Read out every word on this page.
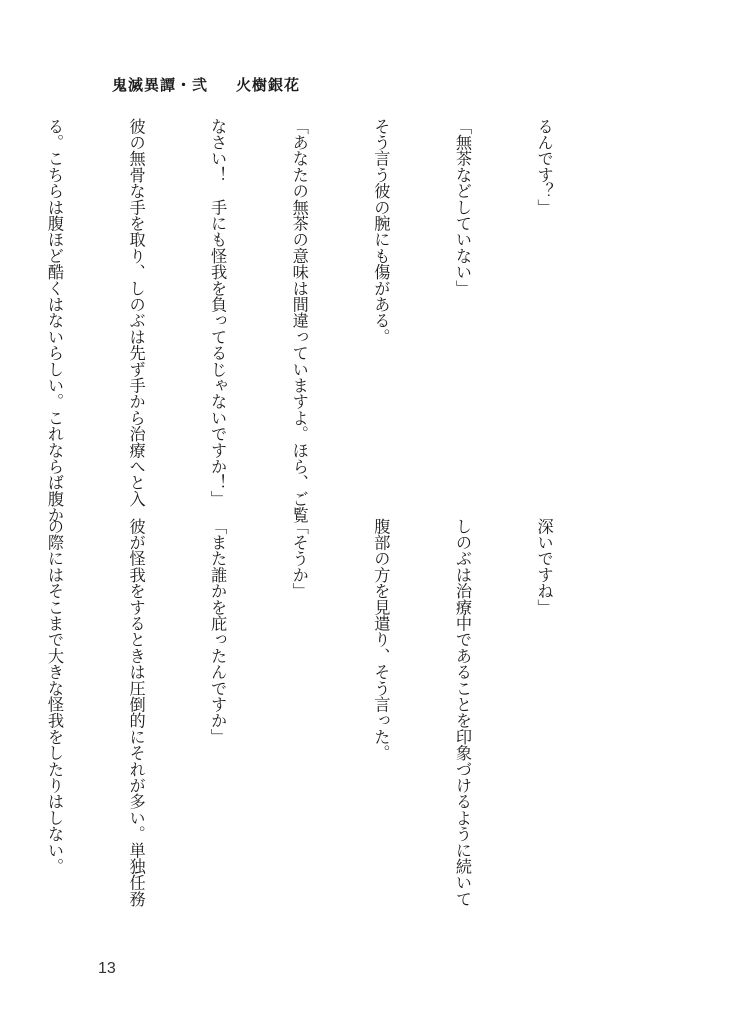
鬼滅異譚・弐 火樹銀花

るんです？」

「無茶などしていない」

そう言う彼の腕にも傷がある。

「あなたの無茶の意味は間違っていますよ。ほら、ご覧

なさい！　手にも怪我を負ってるじゃないですか！」

彼の無骨な手を取り、しのぶは先ず手から治療へと入

る。こちらは腹ほど酷くはないらしい。これならば腹か

深いですね」

しのぶは治療中であることを印象づけるように続いて

腹部の方を見遣り、そう言った。

「そうか」

「また誰かを庇ったんですか」

彼が怪我をするときは圧倒的にそれが多い。単独任務

の際にはそこまで大きな怪我をしたりはしない。

13
